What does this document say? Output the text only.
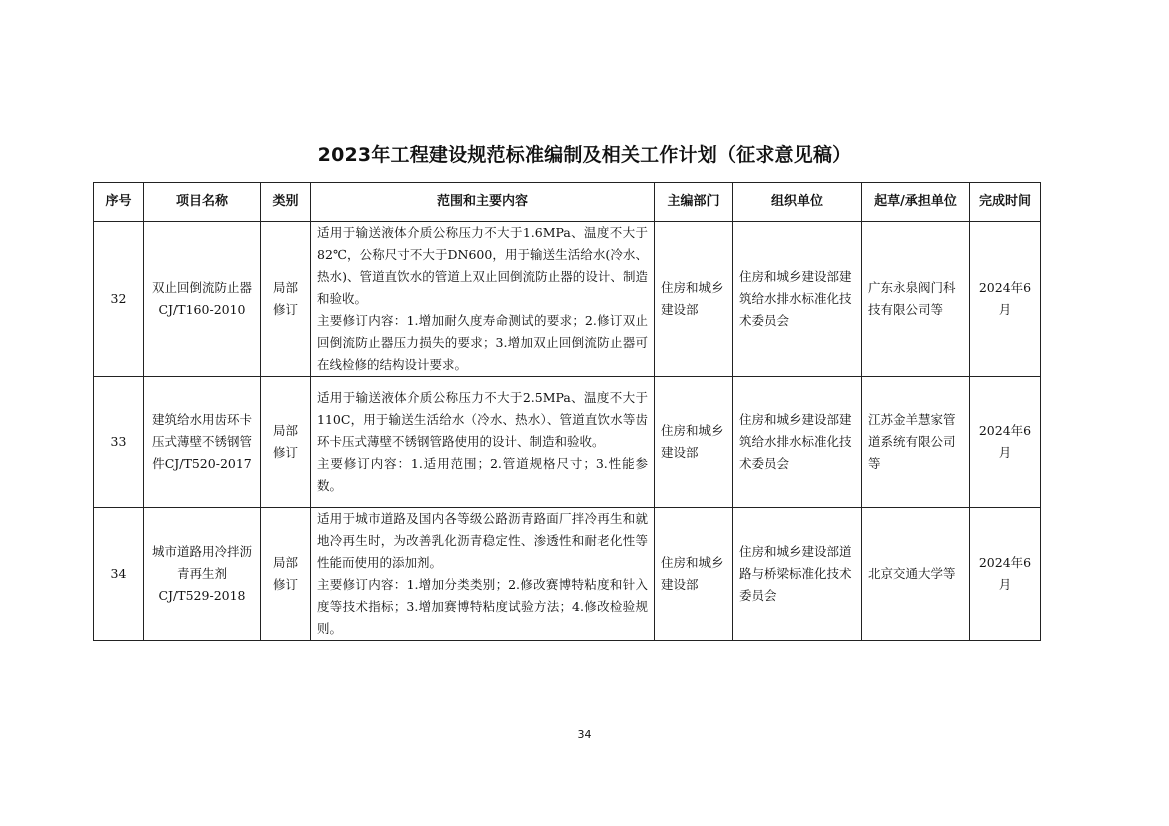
2023年工程建设规范标准编制及相关工作计划（征求意见稿）
序号	项目名称	类别	范围和主要内容	主编部门	组织单位	起草/承担单位	完成时间
32	双止回倒流防止器CJ/T160-2010	局部修订	适用于输送液体介质公称压力不大于1.6MPa、温度不大于82℃，公称尺寸不大于DN600，用于输送生活给水(冷水、热水)、管道直饮水的管道上双止回倒流防止器的设计、制造和验收。
主要修订内容：1.增加耐久度寿命测试的要求；2.修订双止回倒流防止器压力损失的要求；3.增加双止回倒流防止器可在线检修的结构设计要求。	住房和城乡建设部	住房和城乡建设部建筑给水排水标准化技术委员会	广东永泉阀门科技有限公司等	2024年6月
33	建筑给水用齿环卡压式薄壁不锈钢管件CJ/T520-2017	局部修订	适用于输送液体介质公称压力不大于2.5MPa、温度不大于110C，用于输送生活给水（冷水、热水）、管道直饮水等齿环卡压式薄壁不锈钢管路使用的设计、制造和验收。
主要修订内容：1.适用范围；2.管道规格尺寸；3.性能参数。	住房和城乡建设部	住房和城乡建设部建筑给水排水标准化技术委员会	江苏金羊慧家管道系统有限公司等	2024年6月
34	城市道路用冷拌沥青再生剂CJ/T529-2018	局部修订	适用于城市道路及国内各等级公路沥青路面厂拌冷再生和就地冷再生时，为改善乳化沥青稳定性、渗透性和耐老化性等性能而使用的添加剂。
主要修订内容：1.增加分类类别；2.修改赛博特粘度和针入度等技术指标；3.增加赛博特粘度试验方法；4.修改检验规则。	住房和城乡建设部	住房和城乡建设部道路与桥梁标准化技术委员会	北京交通大学等	2024年6月
34
